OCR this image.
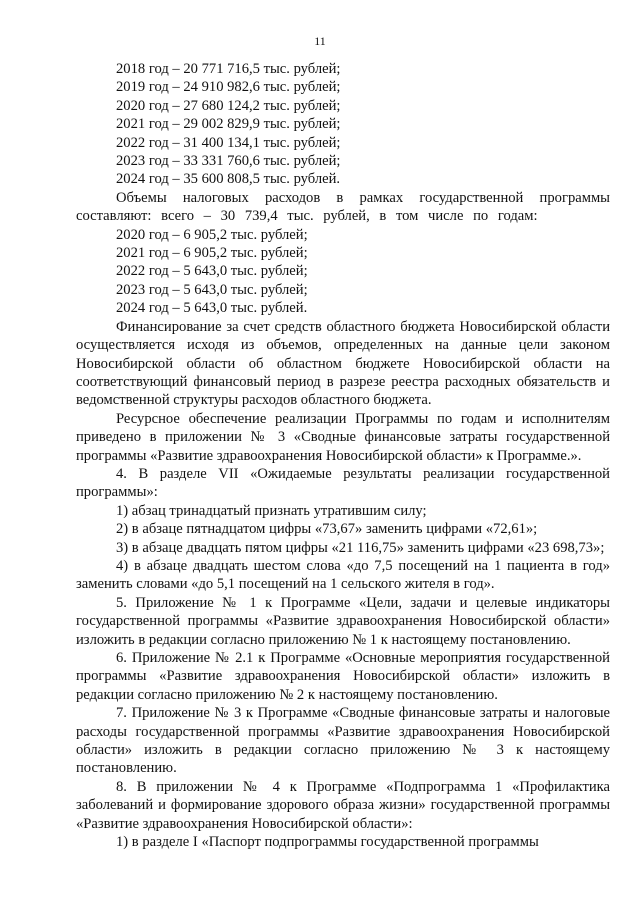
11
2018 год – 20 771 716,5 тыс. рублей;
2019 год – 24 910 982,6 тыс. рублей;
2020 год – 27 680 124,2 тыс. рублей;
2021 год – 29 002 829,9 тыс. рублей;
2022 год – 31 400 134,1 тыс. рублей;
2023 год – 33 331 760,6 тыс. рублей;
2024 год – 35 600 808,5 тыс. рублей.

Объемы налоговых расходов в рамках государственной программы составляют: всего – 30 739,4 тыс. рублей, в том числе по годам:

2020 год – 6 905,2 тыс. рублей;
2021 год – 6 905,2 тыс. рублей;
2022 год – 5 643,0 тыс. рублей;
2023 год – 5 643,0 тыс. рублей;
2024 год – 5 643,0 тыс. рублей.

Финансирование за счет средств областного бюджета Новосибирской области осуществляется исходя из объемов, определенных на данные цели законом Новосибирской области об областном бюджете Новосибирской области на соответствующий финансовый период в разрезе реестра расходных обязательств и ведомственной структуры расходов областного бюджета.

Ресурсное обеспечение реализации Программы по годам и исполнителям приведено в приложении № 3 «Сводные финансовые затраты государственной программы «Развитие здравоохранения Новосибирской области» к Программе.».

4. В разделе VII «Ожидаемые результаты реализации государственной программы»:

1) абзац тринадцатый признать утратившим силу;

2) в абзаце пятнадцатом цифры «73,67» заменить цифрами «72,61»;

3) в абзаце двадцать пятом цифры «21 116,75» заменить цифрами «23 698,73»;

4) в абзаце двадцать шестом слова «до 7,5 посещений на 1 пациента в год» заменить словами «до 5,1 посещений на 1 сельского жителя в год».

5. Приложение № 1 к Программе «Цели, задачи и целевые индикаторы государственной программы «Развитие здравоохранения Новосибирской области» изложить в редакции согласно приложению № 1 к настоящему постановлению.

6. Приложение № 2.1 к Программе «Основные мероприятия государственной программы «Развитие здравоохранения Новосибирской области» изложить в редакции согласно приложению № 2 к настоящему постановлению.

7. Приложение № 3 к Программе «Сводные финансовые затраты и налоговые расходы государственной программы «Развитие здравоохранения Новосибирской области» изложить в редакции согласно приложению № 3 к настоящему постановлению.

8. В приложении № 4 к Программе «Подпрограмма 1 «Профилактика заболеваний и формирование здорового образа жизни» государственной программы «Развитие здравоохранения Новосибирской области»:

1) в разделе I «Паспорт подпрограммы государственной программы
